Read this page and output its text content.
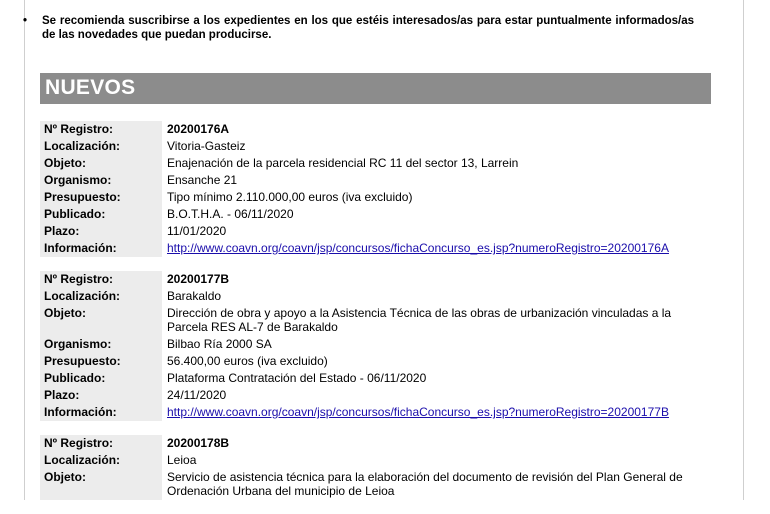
• Se recomienda suscribirse a los expedientes en los que estéis interesados/as para estar puntualmente informados/as de las novedades que puedan producirse.
NUEVOS
Nº Registro:		20200176A
Localización:		Vitoria-Gasteiz
Objeto:		Enajenación de la parcela residencial RC 11 del sector 13, Larrein
Organismo:		Ensanche 21
Presupuesto:		Tipo mínimo 2.110.000,00 euros (iva excluido)
Publicado:		B.O.T.H.A. - 06/11/2020
Plazo:		11/01/2020
Información:		http://www.coavn.org/coavn/jsp/concursos/fichaConcurso_es.jsp?numeroRegistro=20200176A
Nº Registro:		20200177B
Localización:		Barakaldo
Objeto:		Dirección de obra y apoyo a la Asistencia Técnica de las obras de urbanización vinculadas a la Parcela RES AL-7 de Barakaldo
Organismo:		Bilbao Ría 2000 SA
Presupuesto:		56.400,00 euros (iva excluido)
Publicado:		Plataforma Contratación del Estado - 06/11/2020
Plazo:		24/11/2020
Información:		http://www.coavn.org/coavn/jsp/concursos/fichaConcurso_es.jsp?numeroRegistro=20200177B
Nº Registro:		20200178B
Localización:		Leioa
Objeto:		Servicio de asistencia técnica para la elaboración del documento de revisión del Plan General de Ordenación Urbana del municipio de Leioa
